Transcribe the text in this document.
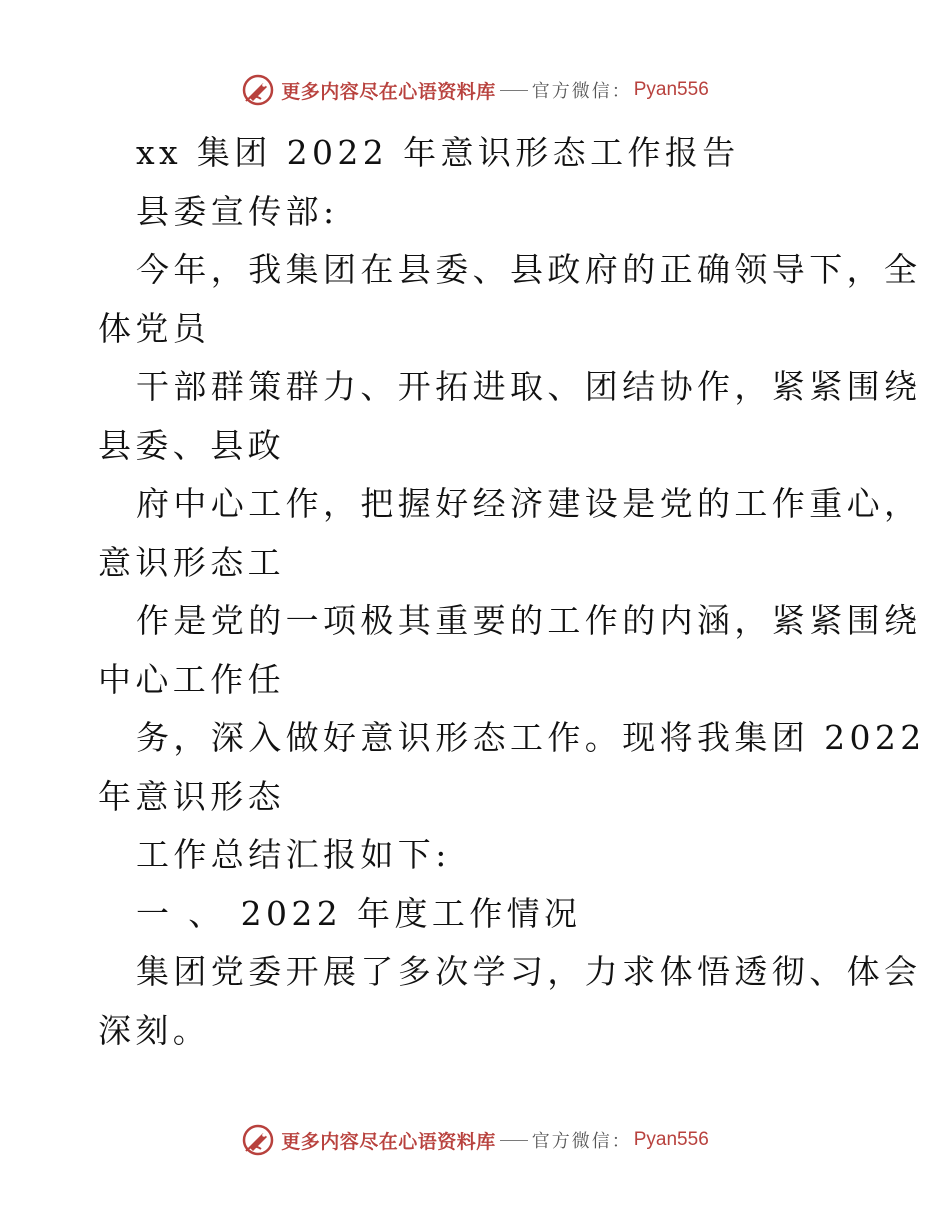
更多内容尽在心语资料库 官方微信： Pyan556

xx 集团 2022 年意识形态工作报告

县委宣传部:

今年，我集团在县委、县政府的正确领导下，全

体党员

干部群策群力、开拓进取、团结协作，紧紧围绕

县委、县政

府中心工作，把握好经济建设是党的工作重心，

意识形态工

作是党的一项极其重要的工作的内涵，紧紧围绕

中心工作任

务，深入做好意识形态工作。现将我集团 2022

年意识形态

工作总结汇报如下:

一 、 2022 年度工作情况

集团党委开展了多次学习，力求体悟透彻、体会

深刻。

更多内容尽在心语资料库 官方微信： Pyan556
